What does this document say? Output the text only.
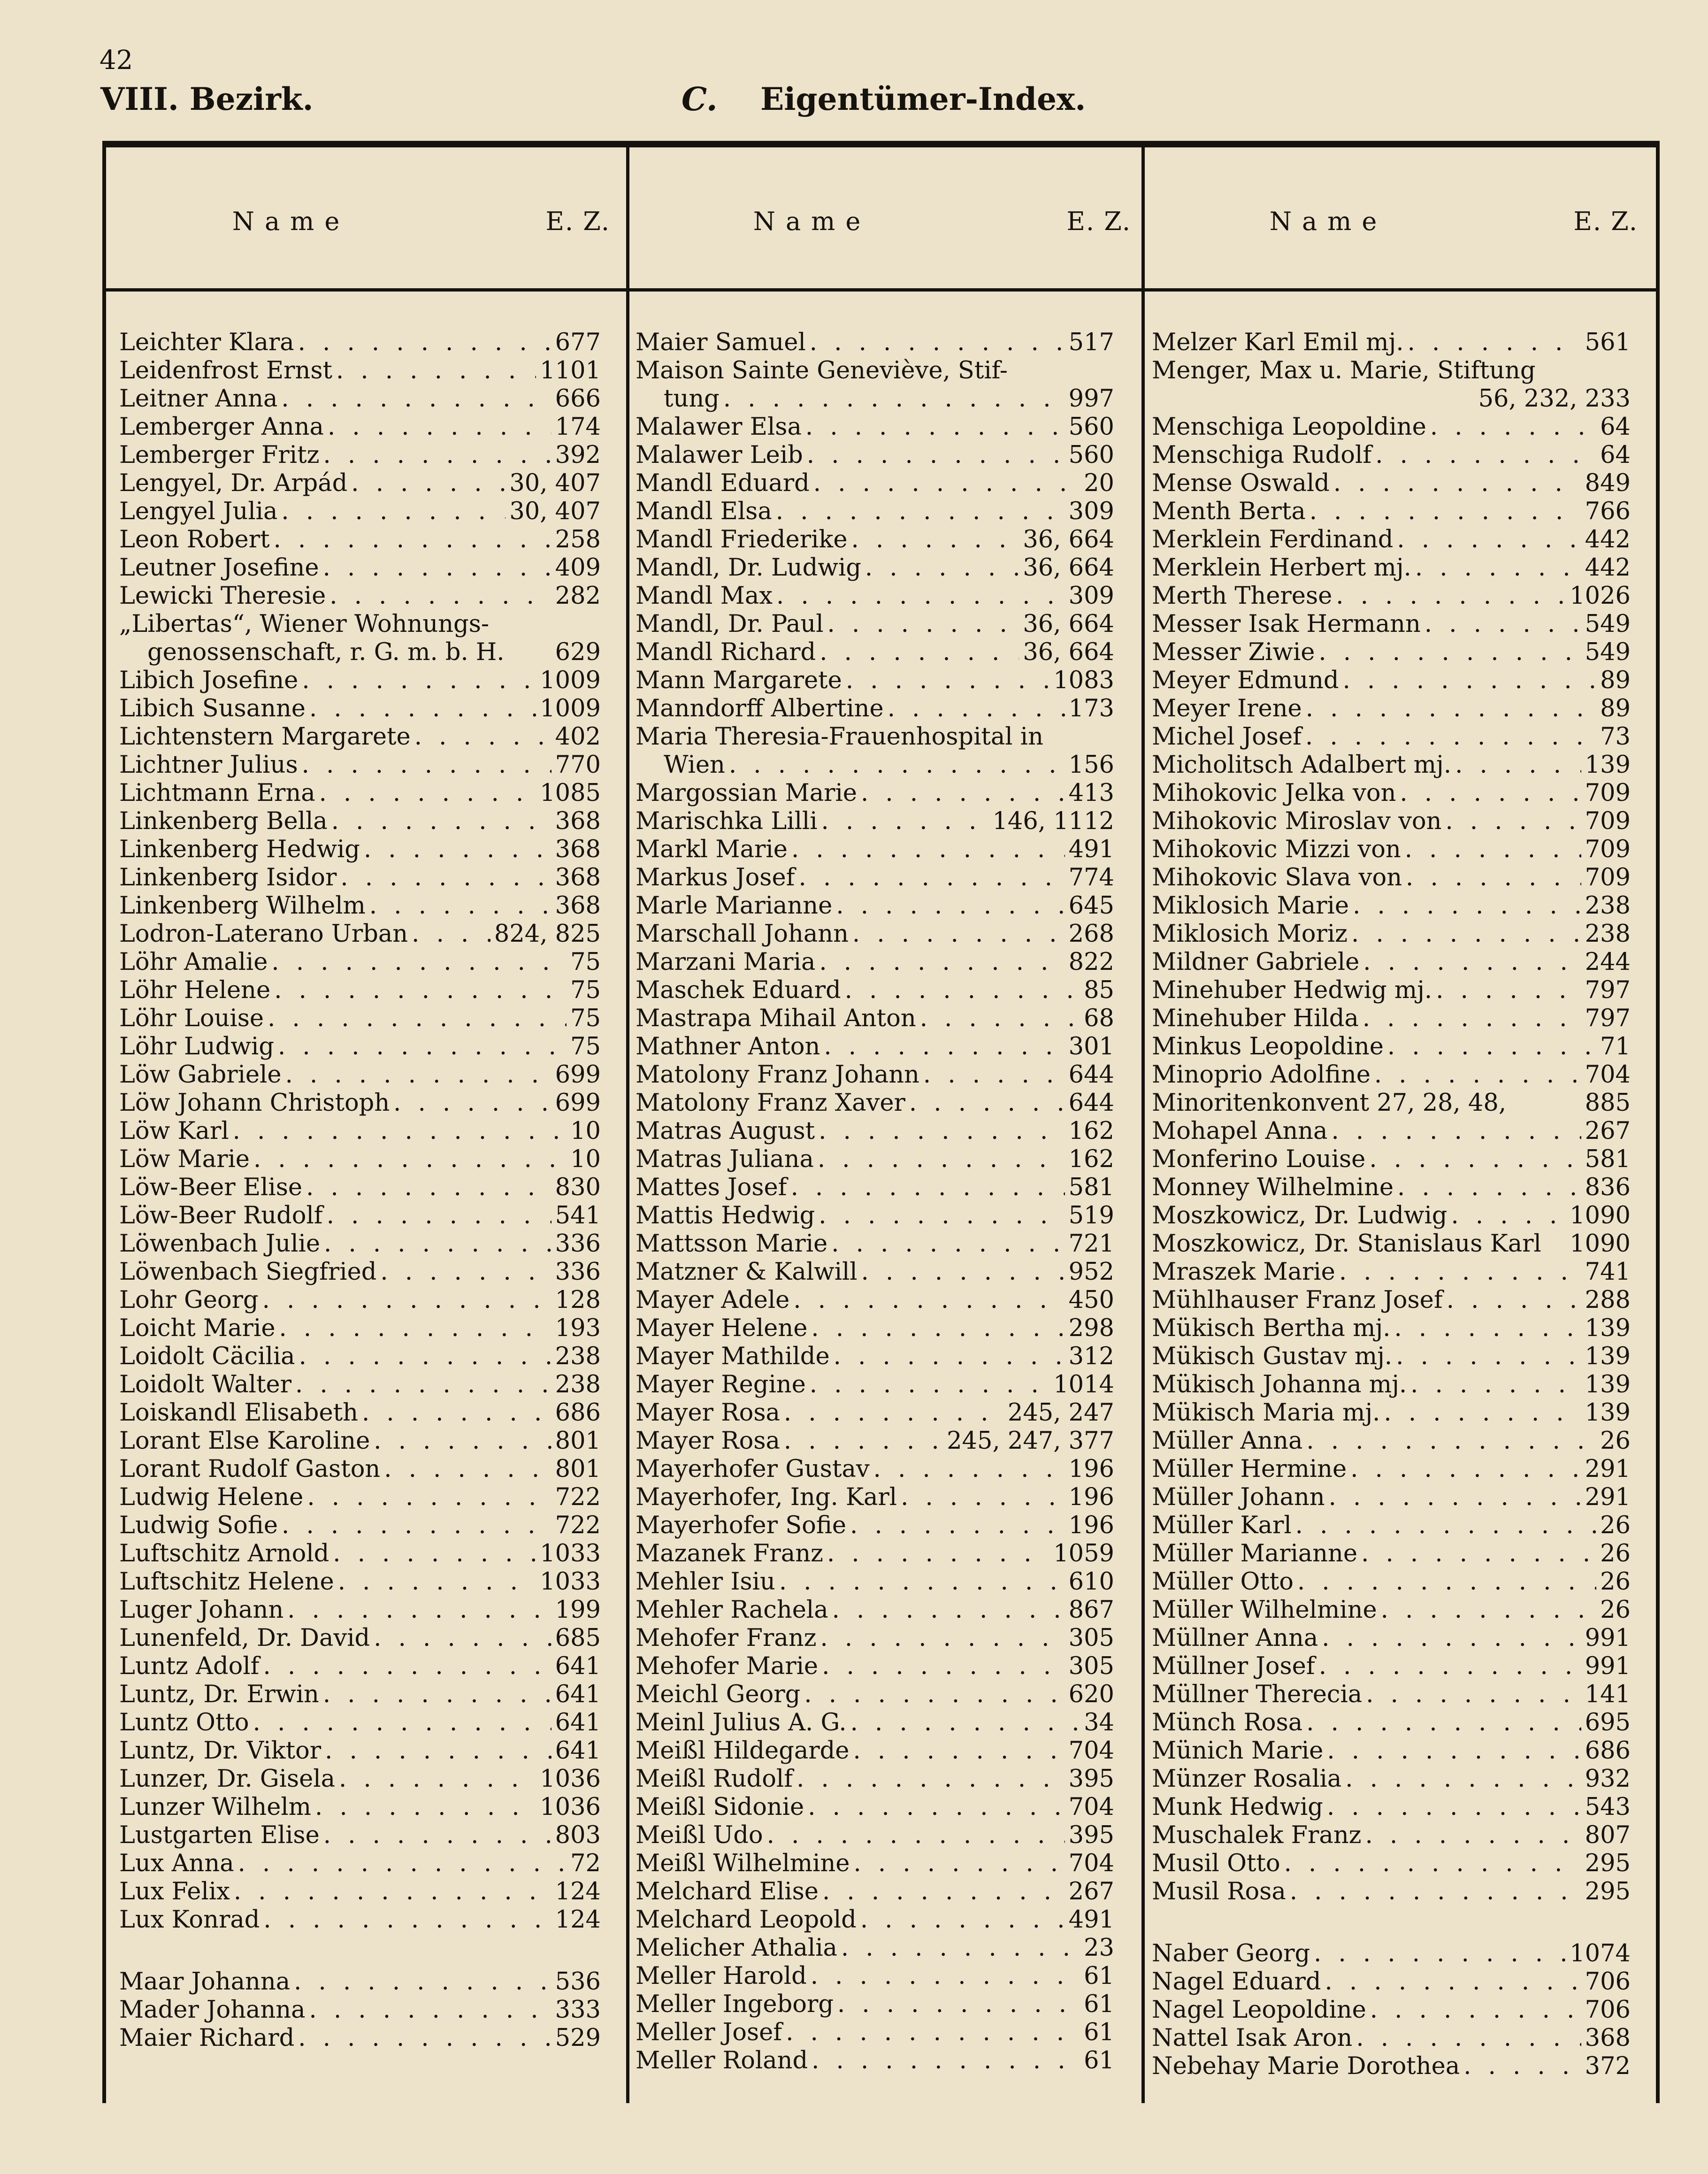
42
VIII. Bezirk.	C. Eigentümer-Index.
Name	E. Z.	Name	E. Z.	Name	E. Z.
Leichter Klara . . .	677
Leidenfrost Ernst . . .	1101
Leitner Anna . . .	666
Lemberger Anna . . .	174
Lemberger Fritz . . .	392
Lengyel, Dr. Arpád . . .	30, 407
Lengyel Julia . . .	30, 407
Leon Robert . . .	258
Leutner Josefine . . .	409
Lewicki Theresie . . .	282
„Libertas“, Wiener Wohnungs-
genossenschaft, r. G. m. b. H. 629
Libich Josefine . . .	1009
Libich Susanne . . .	1009
Lichtenstern Margarete . . .	402
Lichtner Julius . . .	770
Lichtmann Erna . . .	1085
Linkenberg Bella . . .	368
Linkenberg Hedwig . . .	368
Linkenberg Isidor . . .	368
Linkenberg Wilhelm . . .	368
Lodron-Laterano Urban . . .	824, 825
Löhr Amalie . . .	75
Löhr Helene . . .	75
Löhr Louise . . .	75
Löhr Ludwig . . .	75
Löw Gabriele . . .	699
Löw Johann Christoph . . .	699
Löw Karl . . .	10
Löw Marie . . .	10
Löw-Beer Elise . . .	830
Löw-Beer Rudolf . . .	541
Löwenbach Julie . . .	336
Löwenbach Siegfried . . .	336
Lohr Georg . . .	128
Loicht Marie . . .	193
Loidolt Cäcilia . . .	238
Loidolt Walter . . .	238
Loiskandl Elisabeth . . .	686
Lorant Else Karoline . . .	801
Lorant Rudolf Gaston . . .	801
Ludwig Helene . . .	722
Ludwig Sofie . . .	722
Luftschitz Arnold . . .	1033
Luftschitz Helene . . .	1033
Luger Johann . . .	199
Lunenfeld, Dr. David . . .	685
Luntz Adolf . . .	641
Luntz, Dr. Erwin . . .	641
Luntz Otto . . .	641
Luntz, Dr. Viktor . . .	641
Lunzer, Dr. Gisela . . .	1036
Lunzer Wilhelm . . .	1036
Lustgarten Elise . . .	803
Lux Anna . . .	72
Lux Felix . . .	124
Lux Konrad . . .	124
Maar Johanna . . .	536
Mader Johanna . . .	333
Maier Richard . . .	529
Maier Samuel . . .	517
Maison Sainte Geneviève, Stif-
tung . . .	997
Malawer Elsa . . .	560
Malawer Leib . . .	560
Mandl Eduard . . .	20
Mandl Elsa . . .	309
Mandl Friederike . . .	36, 664
Mandl, Dr. Ludwig . . .	36, 664
Mandl Max . . .	309
Mandl, Dr. Paul . . .	36, 664
Mandl Richard . . .	36, 664
Mann Margarete . . .	1083
Manndorff Albertine . . .	173
Maria Theresia-Frauenhospital in
Wien . . .	156
Margossian Marie . . .	413
Marischka Lilli . . .	146, 1112
Markl Marie . . .	491
Markus Josef . . .	774
Marle Marianne . . .	645
Marschall Johann . . .	268
Marzani Maria . . .	822
Maschek Eduard . . .	85
Mastrapa Mihail Anton . . .	68
Mathner Anton . . .	301
Matolony Franz Johann . . .	644
Matolony Franz Xaver . . .	644
Matras August . . .	162
Matras Juliana . . .	162
Mattes Josef . . .	581
Mattis Hedwig . . .	519
Mattsson Marie . . .	721
Matzner & Kalwill . . .	952
Mayer Adele . . .	450
Mayer Helene . . .	298
Mayer Mathilde . . .	312
Mayer Regine . . .	1014
Mayer Rosa . . .	245, 247
Mayer Rosa . . .	245, 247, 377
Mayerhofer Gustav . . .	196
Mayerhofer, Ing. Karl . . .	196
Mayerhofer Sofie . . .	196
Mazanek Franz . . .	1059
Mehler Isiu . . .	610
Mehler Rachela . . .	867
Mehofer Franz . . .	305
Mehofer Marie . . .	305
Meichl Georg . . .	620
Meinl Julius A. G. . . .	34
Meißl Hildegarde . . .	704
Meißl Rudolf . . .	395
Meißl Sidonie . . .	704
Meißl Udo . . .	395
Meißl Wilhelmine . . .	704
Melchard Elise . . .	267
Melchard Leopold . . .	491
Melicher Athalia . . .	23
Meller Harold . . .	61
Meller Ingeborg . . .	61
Meller Josef . . .	61
Meller Roland . . .	61
Melzer Karl Emil mj. . . .	561
Menger, Max u. Marie, Stiftung
56, 232, 233
Menschiga Leopoldine . . .	64
Menschiga Rudolf . . .	64
Mense Oswald . . .	849
Menth Berta . . .	766
Merklein Ferdinand . . .	442
Merklein Herbert mj. . . .	442
Merth Therese . . .	1026
Messer Isak Hermann . . .	549
Messer Ziwie . . .	549
Meyer Edmund . . .	89
Meyer Irene . . .	89
Michel Josef . . .	73
Micholitsch Adalbert mj. . . .	139
Mihokovic Jelka von . . .	709
Mihokovic Miroslav von . . .	709
Mihokovic Mizzi von . . .	709
Mihokovic Slava von . . .	709
Miklosich Marie . . .	238
Miklosich Moriz . . .	238
Mildner Gabriele . . .	244
Minehuber Hedwig mj. . . .	797
Minehuber Hilda . . .	797
Minkus Leopoldine . . .	71
Minoprio Adolfine . . .	704
Minoritenkonvent 27, 28, 48,	885
Mohapel Anna . . .	267
Monferino Louise . . .	581
Monney Wilhelmine . . .	836
Moszkowicz, Dr. Ludwig . . .	1090
Moszkowicz, Dr. Stanislaus Karl 1090
Mraszek Marie . . .	741
Mühlhauser Franz Josef . . .	288
Mükisch Bertha mj. . . .	139
Mükisch Gustav mj. . . .	139
Mükisch Johanna mj. . . .	139
Mükisch Maria mj. . . .	139
Müller Anna . . .	26
Müller Hermine . . .	291
Müller Johann . . .	291
Müller Karl . . .	26
Müller Marianne . . .	26
Müller Otto . . .	26
Müller Wilhelmine . . .	26
Müllner Anna . . .	991
Müllner Josef . . .	991
Müllner Therecia . . .	141
Münch Rosa . . .	695
Münich Marie . . .	686
Münzer Rosalia . . .	932
Munk Hedwig . . .	543
Muschalek Franz . . .	807
Musil Otto . . .	295
Musil Rosa . . .	295
Naber Georg . . .	1074
Nagel Eduard . . .	706
Nagel Leopoldine . . .	706
Nattel Isak Aron . . .	368
Nebehay Marie Dorothea . . .	372
